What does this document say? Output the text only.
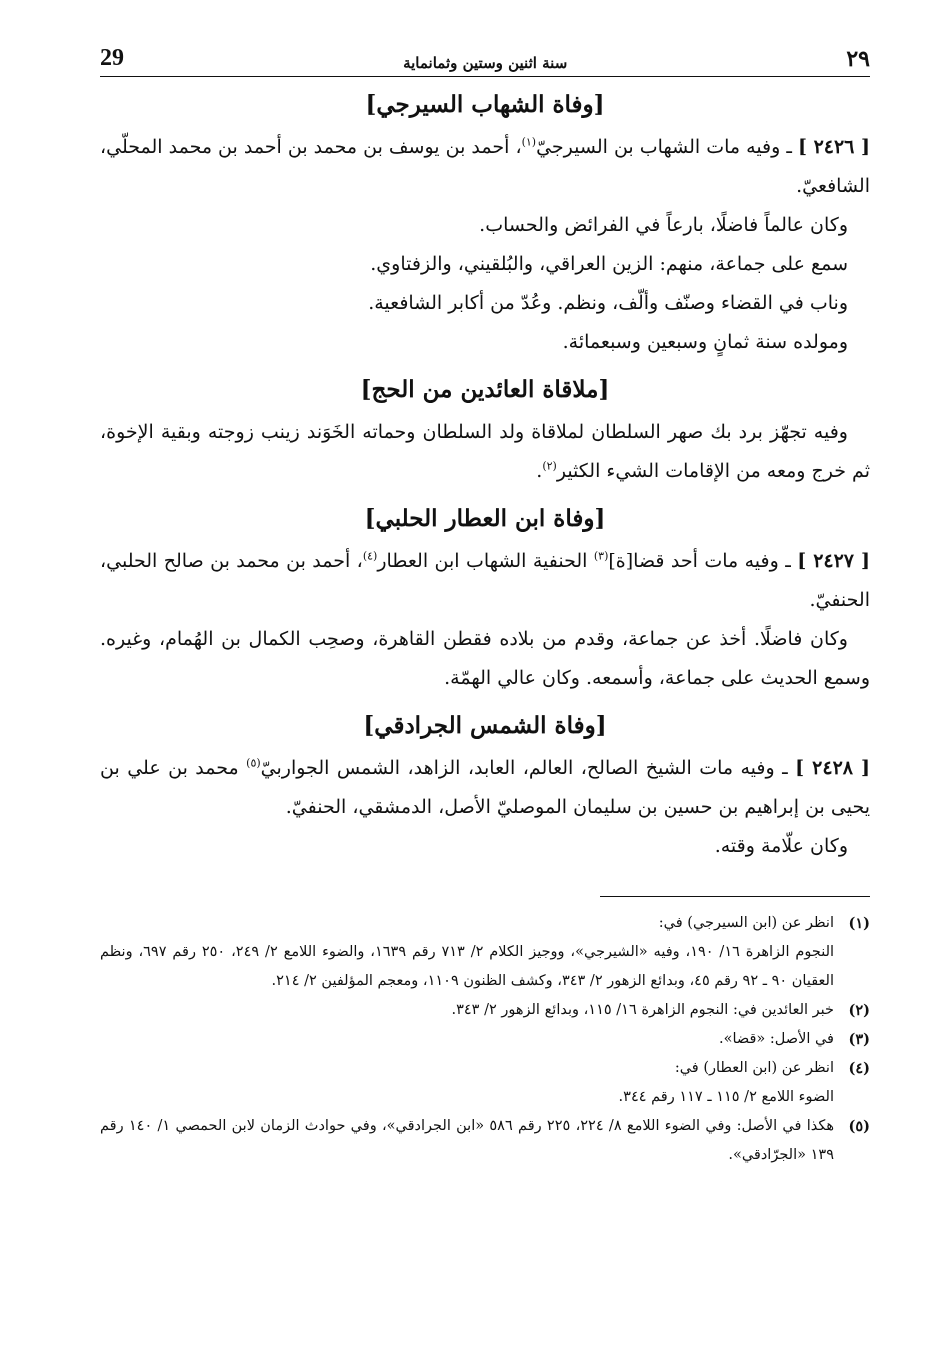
29	سنة اثنين وستين وثمانماية	٢٩
[وفاة الشهاب السيرجي]

[ ٢٤٢٦ ] ـ وفيه مات الشهاب بن السيرجيّ$^{(١)}$، أحمد بن يوسف بن محمد بن أحمد بن محمد المحلّي، الشافعيّ.

وكان عالماً فاضلًا، بارعاً في الفرائض والحساب.

سمع على جماعة، منهم: الزين العراقي، والبُلقيني، والزفتاوي.

وناب في القضاء وصنّف وألّف، ونظم. وعُدّ من أكابر الشافعية.

ومولده سنة ثمانٍ وسبعين وسبعمائة.

[ملاقاة العائدين من الحج]

وفيه تجهّز برد بك صهر السلطان لملاقاة ولد السلطان وحماته الخَوَند زينب زوجته وبقية الإخوة، ثم خرج ومعه من الإقامات الشيء الكثير$^{(٢)}$.

[وفاة ابن العطار الحلبي]

[ ٢٤٢٧ ] ـ وفيه مات أحد قضا[ة]$^{(٣)}$ الحنفية الشهاب ابن العطار$^{(٤)}$، أحمد بن محمد بن صالح الحلبي، الحنفيّ.

وكان فاضلًا. أخذ عن جماعة، وقدم من بلاده فقطن القاهرة، وصحِب الكمال بن الهُمام، وغيره. وسمع الحديث على جماعة، وأسمعه. وكان عالي الهمّة.

[وفاة الشمس الجرادقي]

[ ٢٤٢٨ ] ـ وفيه مات الشيخ الصالح، العالم، العابد، الزاهد، الشمس الجواربيّ$^{(٥)}$ محمد بن علي بن يحيى بن إبراهيم بن حسين بن سليمان الموصليّ الأصل، الدمشقي، الحنفيّ.

وكان علّامة وقته.

(١)
انظر عن (ابن السيرجي) في:
النجوم الزاهرة ١٦/ ١٩٠، وفيه «الشيرجي»، ووجيز الكلام ٢/ ٧١٣ رقم ١٦٣٩، والضوء اللامع ٢/ ٢٤٩، ٢٥٠ رقم ٦٩٧، ونظم العقيان ٩٠ ـ ٩٢ رقم ٤٥، وبدائع الزهور ٢/ ٣٤٣، وكشف الظنون ١١٠٩، ومعجم المؤلفين ٢/ ٢١٤.
(٢)
خبر العائدين في: النجوم الزاهرة ١٦/ ١١٥، وبدائع الزهور ٢/ ٣٤٣.
(٣)
في الأصل: «قضا».
(٤)
انظر عن (ابن العطار) في:
الضوء اللامع ٢/ ١١٥ ـ ١١٧ رقم ٣٤٤.
(٥)
هكذا في الأصل: وفي الضوء اللامع ٨/ ٢٢٤، ٢٢٥ رقم ٥٨٦ «ابن الجرادقي»، وفي حوادث الزمان لابن الحمصي ١/ ١٤٠ رقم ١٣٩ «الجرّادقي».
